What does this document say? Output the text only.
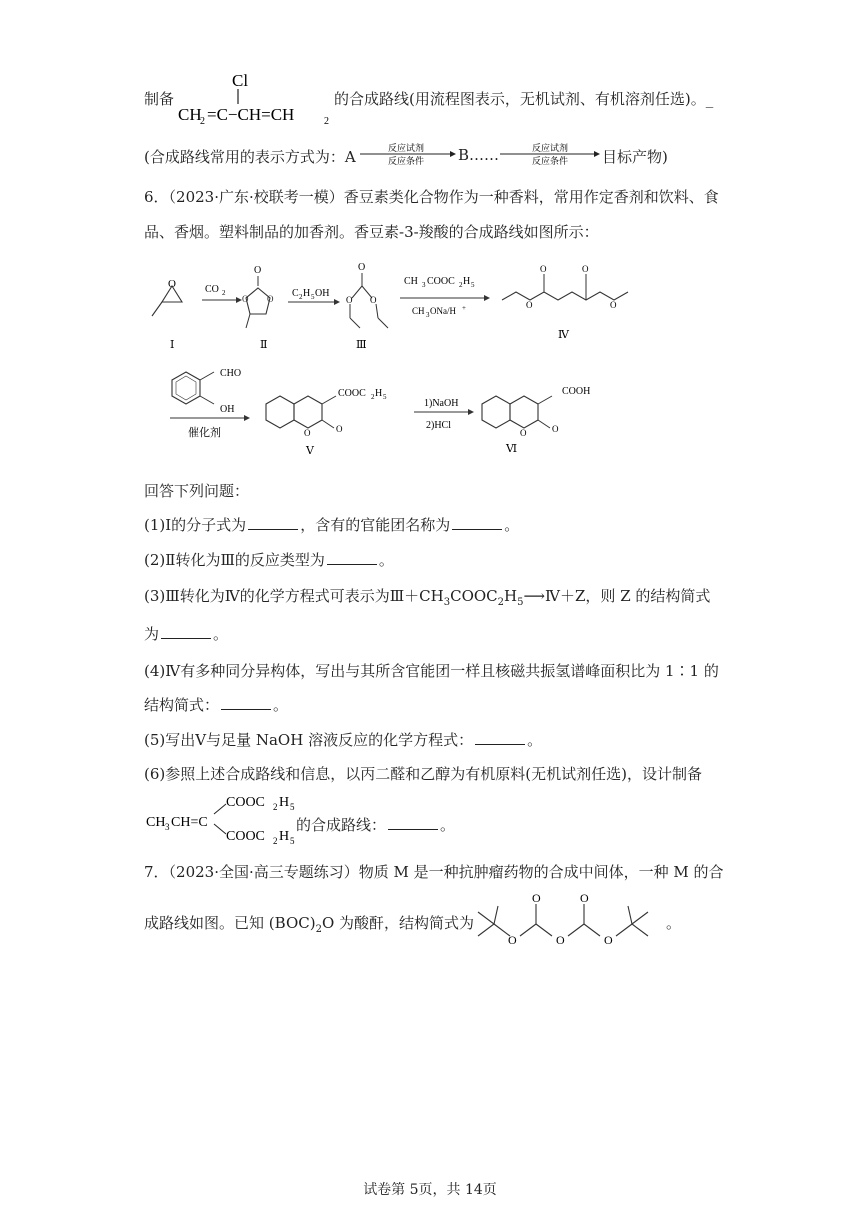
制备
Cl
CH
2 =C−CH=CH	2
的合成路线(用流程图表示，无机试剂、有机溶剂任选)。_
(合成路线常用的表示方式为：A	反应试剂
反应条件 B……	反应试剂
反应条件 目标产物)
6．（2023·广东·校联考一模）香豆素类化合物作为一种香料，常用作定香剂和饮料、食
品、香烟。塑料制品的加香剂。香豆素-3-羧酸的合成路线如图所示：
O
Ⅰ
CO 2
O
O O
Ⅱ
C 2 H 5 OH
O
O O
Ⅲ
CH 3 COOC 2 H 5
CH 3 ONa/H +
O	O
O	O
Ⅳ
CHO
OH
催化剂	O	O
COOC 2 H 5
Ⅴ
1)NaOH
2)HCl
O	O
COOH
Ⅵ
回答下列问题：
(1)Ⅰ的分子式为	，含有的官能团名称为	。
(2)Ⅱ转化为Ⅲ的反应类型为	。
(3)Ⅲ转化为Ⅳ的化学方程式可表示为$Ⅲ+CH_3COOC_2H_5⟶Ⅳ+Z$，则 Z 的结构简式
为	。
(4)Ⅳ有多种同分异构体，写出与其所含官能团一样且核磁共振氢谱峰面积比为 1∶1 的
结构简式：	。
(5)写出Ⅴ与足量 NaOH 溶液反应的化学方程式：	。
(6)参照上述合成路线和信息，以丙二醛和乙醇为有机原料(无机试剂任选)，设计制备
CH 3 CH=C
COOC 2 H 5
COOC 2 H 5
的合成路线：	。
7．（2023·全国·高三专题练习）物质 M 是一种抗肿瘤药物的合成中间体，一种 M 的合
成路线如图。已知 $(BOC)_2O$ 为酸酐，结构简式为
O
O
O
O
O
。
试卷第 5页，共 14页
